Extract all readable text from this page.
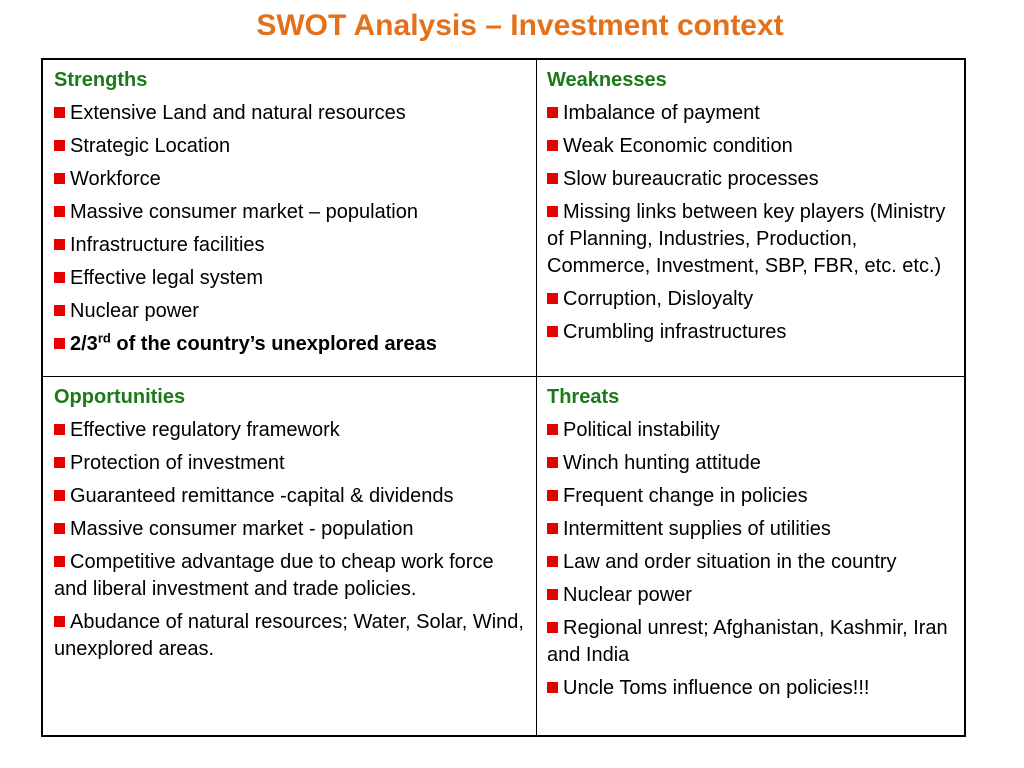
SWOT Analysis – Investment context
Strengths
Extensive Land and natural resources
Strategic Location
Workforce
Massive consumer market – population
Infrastructure facilities
Effective legal system
Nuclear power
2/3rd of the country’s unexplored areas
Weaknesses
Imbalance of payment
Weak Economic condition
Slow bureaucratic processes
Missing links between key players (Ministry of Planning, Industries, Production, Commerce, Investment, SBP, FBR, etc. etc.)
Corruption, Disloyalty
Crumbling infrastructures
Opportunities
Effective regulatory framework
Protection of investment
Guaranteed remittance -capital & dividends
Massive consumer market - population
Competitive advantage due to cheap work force and liberal investment and trade policies.
Abudance of natural resources; Water, Solar, Wind, unexplored areas.
Threats
Political instability
Winch hunting attitude
Frequent change in policies
Intermittent supplies of utilities
Law and order situation in the country
Nuclear power
Regional unrest; Afghanistan, Kashmir, Iran and India
Uncle Toms influence on policies!!!
